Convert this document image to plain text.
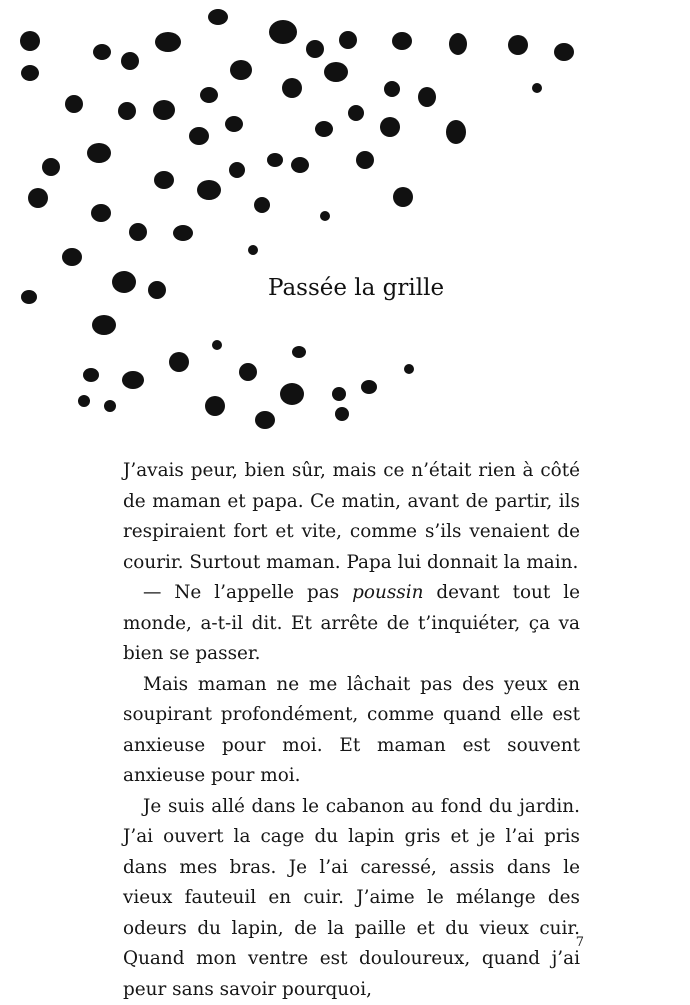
Passée la grille

J’avais peur, bien sûr, mais ce n’était rien à côté de maman et papa. Ce matin, avant de partir, ils respiraient fort et vite, comme s’ils venaient de courir. Surtout maman. Papa lui donnait la main.

— Ne l’appelle pas poussin devant tout le monde, a-t-il dit. Et arrête de t’inquiéter, ça va bien se passer.

Mais maman ne me lâchait pas des yeux en soupirant profondément, comme quand elle est anxieuse pour moi. Et maman est souvent anxieuse pour moi.

Je suis allé dans le cabanon au fond du jardin. J’ai ouvert la cage du lapin gris et je l’ai pris dans mes bras. Je l’ai caressé, assis dans le vieux fauteuil en cuir. J’aime le mélange des odeurs du lapin, de la paille et du vieux cuir. Quand mon ventre est douloureux, quand j’ai peur sans savoir pourquoi,

7
